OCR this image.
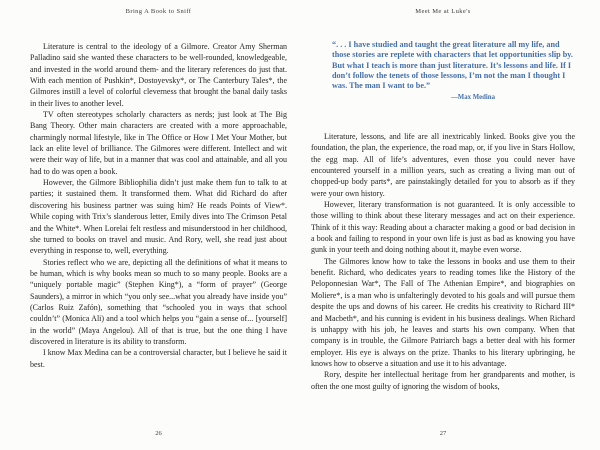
Bring A Book to Sniff	Meet Me at Luke's

Literature is central to the ideology of a Gilmore. Creator Amy Sherman Palladino said she wanted these characters to be well-rounded, knowledgeable, and invested in the world around them- and the literary references do just that. With each mention of Pushkin*, Dostoyevsky*, or The Canterbury Tales*, the Gilmores instill a level of colorful cleverness that brought the banal daily tasks in their lives to another level.

TV often stereotypes scholarly characters as nerds; just look at The Big Bang Theory. Other main characters are created with a more approachable, charmingly normal lifestyle, like in The Office or How I Met Your Mother, but lack an elite level of brilliance. The Gilmores were different. Intellect and wit were their way of life, but in a manner that was cool and attainable, and all you had to do was open a book.

However, the Gilmore Bibliophilia didn’t just make them fun to talk to at parties; it sustained them. It transformed them. What did Richard do after discovering his business partner was suing him? He reads Points of View*. While coping with Trix’s slanderous letter, Emily dives into The Crimson Petal and the White*. When Lorelai felt restless and misunderstood in her childhood, she turned to books on travel and music. And Rory, well, she read just about everything in response to, well, everything.

Stories reflect who we are, depicting all the definitions of what it means to be human, which is why books mean so much to so many people. Books are a “uniquely portable magic” (Stephen King*), a “form of prayer” (George Saunders), a mirror in which “you only see...what you already have inside you” (Carlos Ruiz Zafón), something that “schooled you in ways that school couldn’t” (Monica Ali) and a tool which helps you “gain a sense of... [yourself] in the world” (Maya Angelou). All of that is true, but the one thing I have discovered in literature is its ability to transform.

I know Max Medina can be a controversial character, but I believe he said it best.

“. . . I have studied and taught the great literature all my life, and those stories are replete with characters that let opportunities slip by. But what I teach is more than just literature. It’s lessons and life. If I don’t follow the tenets of those lessons, I’m not the man I thought I was. The man I want to be.”

—Max Medina

Literature, lessons, and life are all inextricably linked. Books give you the foundation, the plan, the experience, the road map, or, if you live in Stars Hollow, the egg map. All of life’s adventures, even those you could never have encountered yourself in a million years, such as creating a living man out of chopped-up body parts*, are painstakingly detailed for you to absorb as if they were your own history.

However, literary transformation is not guaranteed. It is only accessible to those willing to think about these literary messages and act on their experience. Think of it this way: Reading about a character making a good or bad decision in a book and failing to respond in your own life is just as bad as knowing you have gunk in your teeth and doing nothing about it, maybe even worse.

The Gilmores know how to take the lessons in books and use them to their benefit. Richard, who dedicates years to reading tomes like the History of the Peloponnesian War*, The Fall of The Athenian Empire*, and biographies on Moliere*, is a man who is unfalteringly devoted to his goals and will pursue them despite the ups and downs of his career. He credits his creativity to Richard III* and Macbeth*, and his cunning is evident in his business dealings. When Richard is unhappy with his job, he leaves and starts his own company. When that company is in trouble, the Gilmore Patriarch bags a better deal with his former employer. His eye is always on the prize. Thanks to his literary upbringing, he knows how to observe a situation and use it to his advantage.

Rory, despite her intellectual heritage from her grandparents and mother, is often the one most guilty of ignoring the wisdom of books,

26	27
